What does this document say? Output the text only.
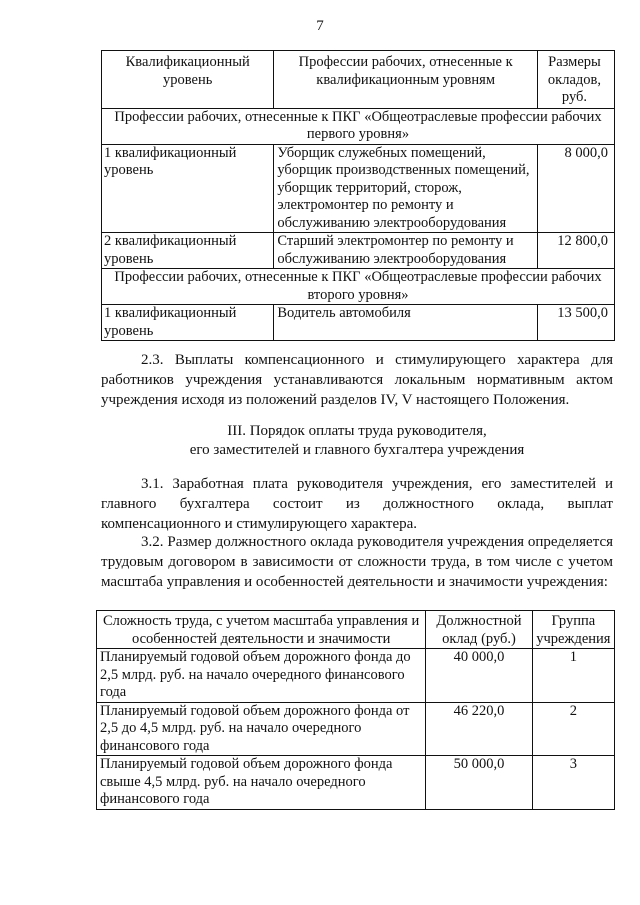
7
Квалификационный уровень	Профессии рабочих, отнесенные к квалификационным уровням	Размеры окладов, руб.
Профессии рабочих, отнесенные к ПКГ «Общеотраслевые профессии рабочих первого уровня»		
1 квалификационный уровень	Уборщик служебных помещений, уборщик производственных помещений, уборщик территорий, сторож, электромонтер по ремонту и обслуживанию электрооборудования	8 000,0
2 квалификационный уровень	Старший электромонтер по ремонту и обслуживанию электрооборудования	12 800,0
Профессии рабочих, отнесенные к ПКГ «Общеотраслевые профессии рабочих второго уровня»		
1 квалификационный уровень	Водитель автомобиля	13 500,0

2.3. Выплаты компенсационного и стимулирующего характера для работников учреждения устанавливаются локальным нормативным актом учреждения исходя из положений разделов IV, V настоящего Положения.

III. Порядок оплаты труда руководителя,

его заместителей и главного бухгалтера учреждения

3.1. Заработная плата руководителя учреждения, его заместителей и главного бухгалтера состоит из должностного оклада, выплат компенсационного и стимулирующего характера.

3.2. Размер должностного оклада руководителя учреждения определяется трудовым договором в зависимости от сложности труда, в том числе с учетом масштаба управления и особенностей деятельности и значимости учреждения:

Сложность труда, с учетом масштаба управления и особенностей деятельности и значимости	Должностной оклад (руб.)	Группа учреждения
Планируемый годовой объем дорожного фонда до 2,5 млрд. руб. на начало очередного финансового года	40 000,0	1
Планируемый годовой объем дорожного фонда от 2,5 до 4,5 млрд. руб. на начало очередного финансового года	46 220,0	2
Планируемый годовой объем дорожного фонда свыше 4,5 млрд. руб. на начало очередного финансового года	50 000,0	3
